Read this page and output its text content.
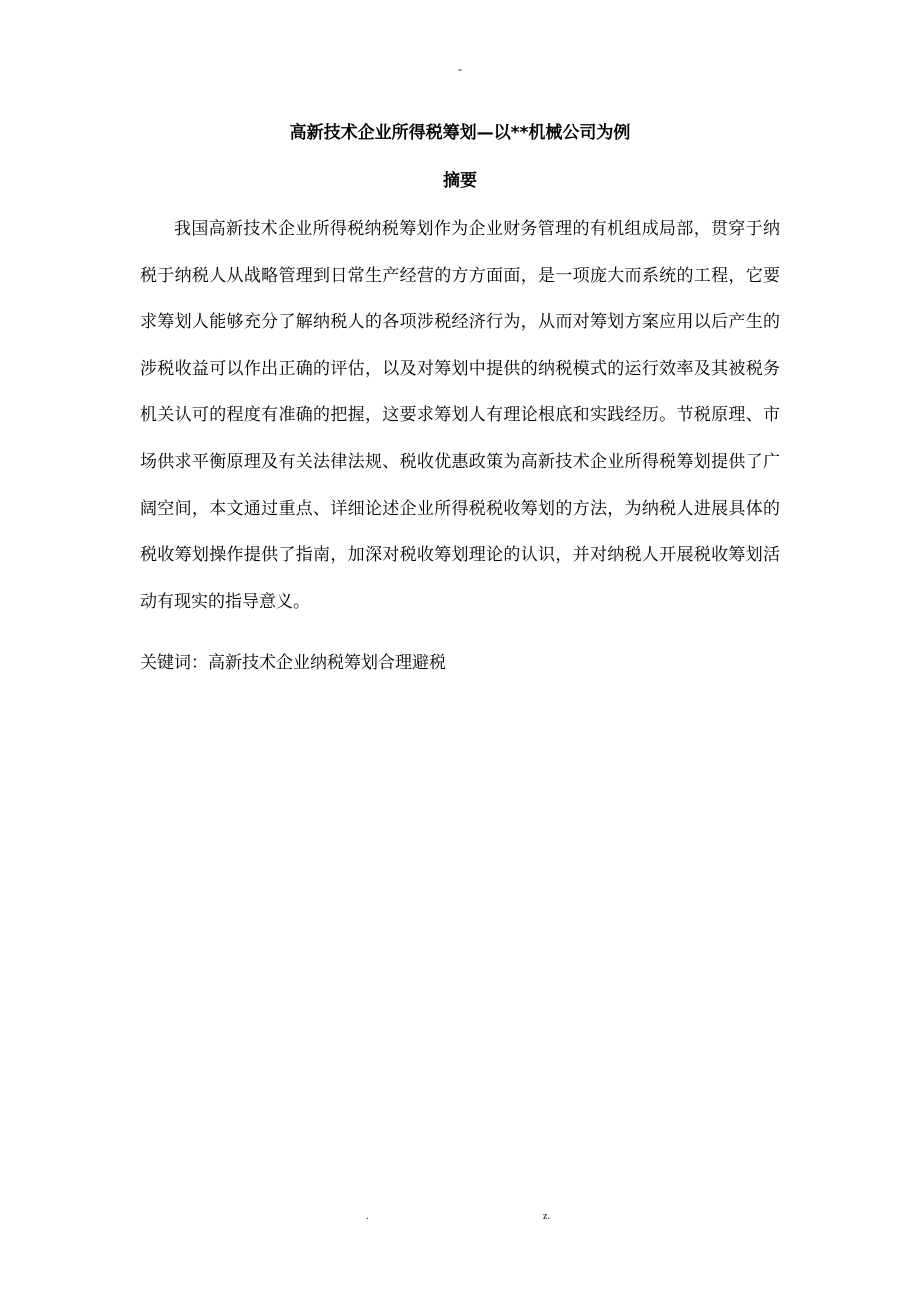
-
高新技术企业所得税筹划—以**机械公司为例
摘要

我国高新技术企业所得税纳税筹划作为企业财务管理的有机组成局部，贯穿于纳税于纳税人从战略管理到日常生产经营的方方面面，是一项庞大而系统的工程，它要求筹划人能够充分了解纳税人的各项涉税经济行为，从而对筹划方案应用以后产生的涉税收益可以作出正确的评估，以及对筹划中提供的纳税模式的运行效率及其被税务机关认可的程度有准确的把握，这要求筹划人有理论根底和实践经历。节税原理、市场供求平衡原理及有关法律法规、税收优惠政策为高新技术企业所得税筹划提供了广阔空间，本文通过重点、详细论述企业所得税税收筹划的方法，为纳税人进展具体的税收筹划操作提供了指南，加深对税收筹划理论的认识，并对纳税人开展税收筹划活动有现实的指导意义。

关键词：高新技术企业纳税筹划合理避税

.	z.
